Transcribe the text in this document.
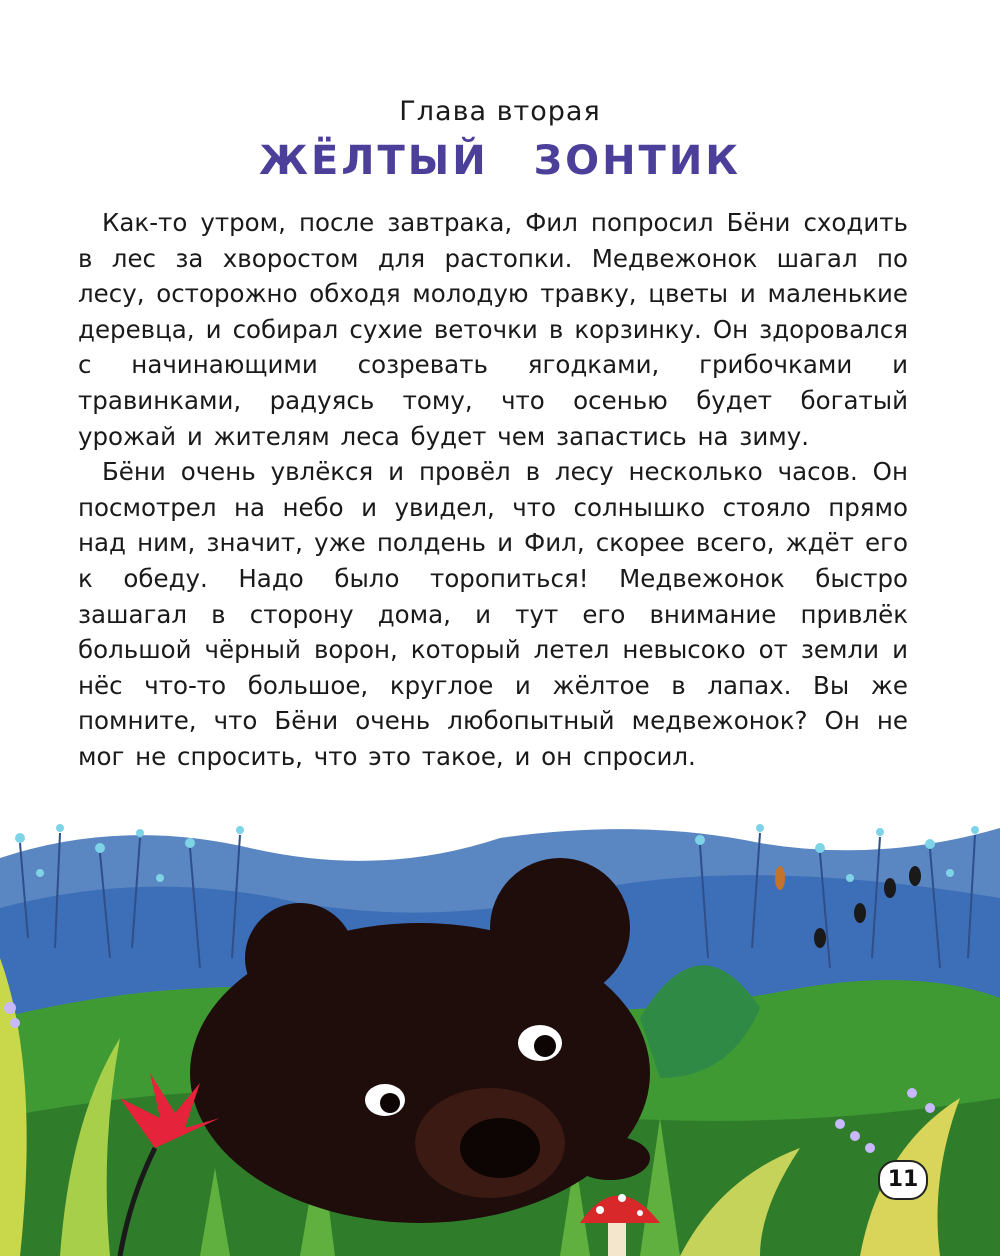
Глава вторая
ЖЁЛТЫЙ ЗОНТИК

Как-то утром, после завтрака, Фил попросил Бёни сходить в лес за хворостом для растопки. Медвежонок шагал по лесу, осторожно обходя молодую травку, цветы и маленькие деревца, и собирал сухие веточки в корзинку. Он здоровался с начинающими созревать ягодками, грибочками и травинками, радуясь тому, что осенью будет богатый урожай и жителям леса будет чем запастись на зиму.

Бёни очень увлёкся и провёл в лесу несколько часов. Он посмотрел на небо и увидел, что солнышко стояло прямо над ним, значит, уже полдень и Фил, скорее всего, ждёт его к обеду. Надо было торопиться! Медвежонок быстро зашагал в сторону дома, и тут его внимание привлёк большой чёрный ворон, который летел невысоко от земли и нёс что-то большое, круглое и жёлтое в лапах. Вы же помните, что Бёни очень любопытный медвежонок? Он не мог не спросить, что это такое, и он спросил.

11
